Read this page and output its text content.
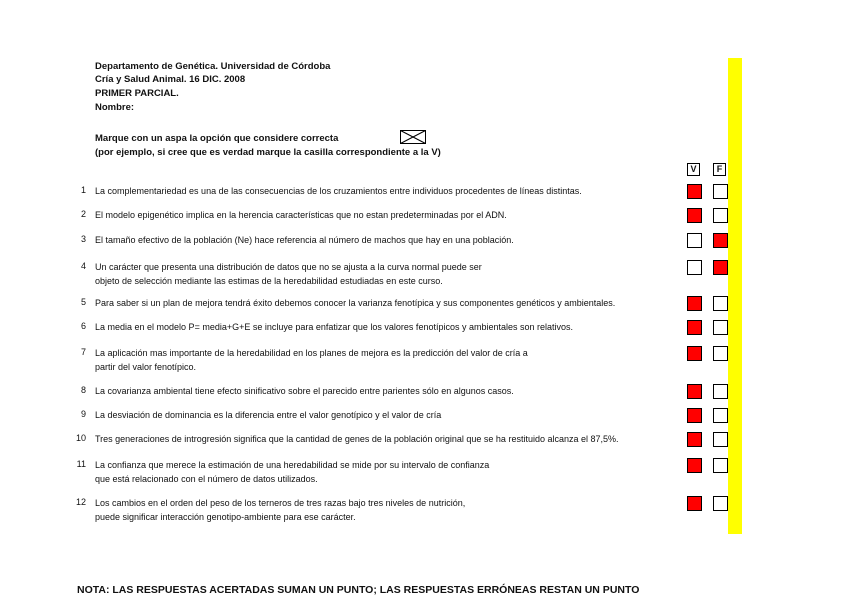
Departamento de Genética. Universidad de Córdoba
Cría y Salud Animal. 16 DIC. 2008
PRIMER PARCIAL.
Nombre:
Marque con un aspa la opción que considere correcta
(por ejemplo, si cree que es verdad marque la casilla correspondiente a la V)
V	F
1 La complementariedad es una de las consecuencias de los cruzamientos entre individuos procedentes de líneas distintas.
2 El modelo epigenético implica en la herencia características que no estan predeterminadas por el ADN.
3 El tamaño efectivo de la población (Ne) hace referencia al número de machos que hay en una población.
4 Un carácter que presenta una distribución de datos que no se ajusta a la curva normal puede ser
objeto de selección mediante las estimas de la heredabilidad estudiadas en este curso.
5 Para saber si un plan de mejora tendrá éxito debemos conocer la varianza fenotípica y sus componentes genéticos y ambientales.
6 La media en el modelo P= media+G+E se incluye para enfatizar que los valores fenotípicos y ambientales son relativos.
7 La aplicación mas importante de la heredabilidad en los planes de mejora es la predicción del valor de cría a
partir del valor fenotípico.
8 La covarianza ambiental tiene efecto sinificativo sobre el parecido entre parientes sólo en algunos casos.
9 La desviación de dominancia es la diferencia entre el valor genotípico y el valor de cría
10 Tres generaciones de introgresión significa que la cantidad de genes de la población original que se ha restituido alcanza el 87,5%.
11 La confianza que merece la estimación de una heredabilidad se mide por su intervalo de confianza
que está relacionado con el número de datos utilizados.
12 Los cambios en el orden del peso de los terneros de tres razas bajo tres niveles de nutrición,
puede significar interacción genotipo-ambiente para ese carácter.
NOTA: LAS RESPUESTAS ACERTADAS SUMAN UN PUNTO; LAS RESPUESTAS ERRÓNEAS RESTAN UN PUNTO
